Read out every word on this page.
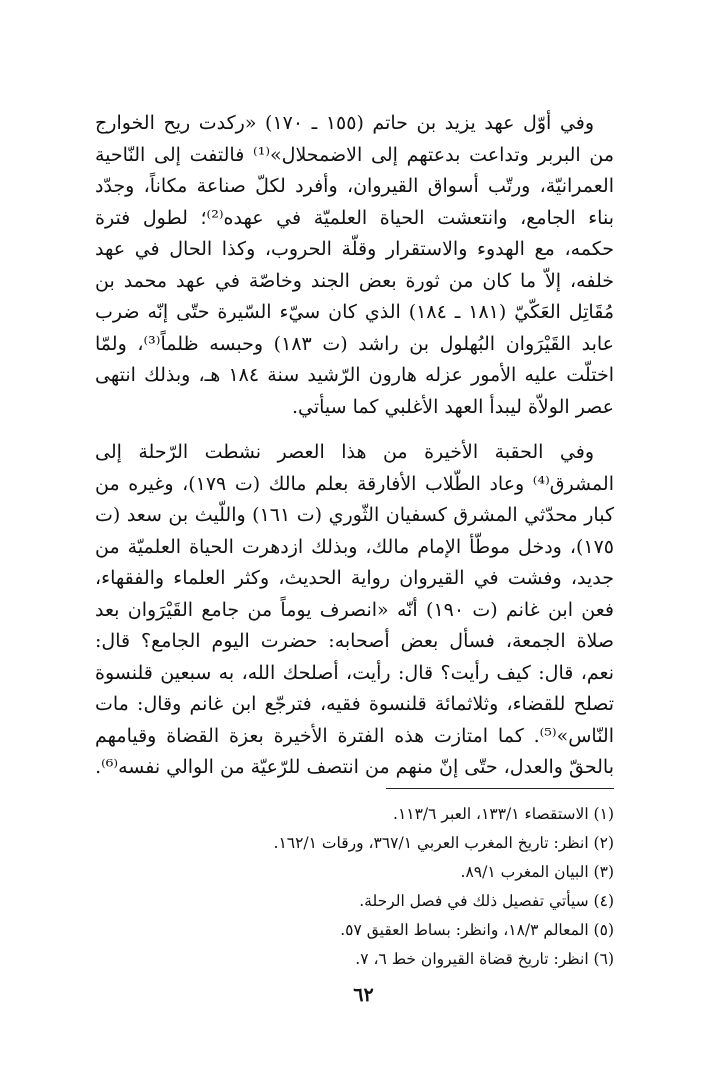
وفي أوّل عهد يزيد بن حاتم (١٥٥ ـ ١٧٠) «ركدت ريح الخوارج من البربر وتداعت بدعتهم إلى الاضمحلال»⁽¹⁾ فالتفت إلى النّاحية العمرانيّة، ورتّب أسواق القيروان، وأفرد لكلّ صناعة مكاناً، وجدّد بناء الجامع، وانتعشت الحياة العلميّة في عهده⁽²⁾؛ لطول فترة حكمه، مع الهدوء والاستقرار وقلّة الحروب، وكذا الحال في عهد خلفه، إلاّ ما كان من ثورة بعض الجند وخاصّة في عهد محمد بن مُقَاتِل العَكّيّ (١٨١ ـ ١٨٤) الذي كان سيّء السّيرة حتّى إنّه ضرب عابد القَيْرَوان البُهلول بن راشد (ت ١٨٣) وحبسه ظلماً⁽³⁾، ولمّا اختلّت عليه الأمور عزله هارون الرّشيد سنة ١٨٤ هـ، وبذلك انتهى عصر الولاّة ليبدأ العهد الأغلبي كما سيأتي.

وفي الحقبة الأخيرة من هذا العصر نشطت الرّحلة إلى المشرق⁽⁴⁾ وعاد الطّلاب الأفارقة بعلم مالك (ت ١٧٩)، وغيره من كبار محدّثي المشرق كسفيان الثّوري (ت ١٦١) واللّيث بن سعد (ت ١٧٥)، ودخل موطّأ الإمام مالك، وبذلك ازدهرت الحياة العلميّة من جديد، وفشت في القيروان رواية الحديث، وكثر العلماء والفقهاء، فعن ابن غانم (ت ١٩٠) أنّه «انصرف يوماً من جامع القَيْرَوان بعد صلاة الجمعة، فسأل بعض أصحابه: حضرت اليوم الجامع؟ قال: نعم، قال: كيف رأيت؟ قال: رأيت، أصلحك الله، به سبعين قلنسوة تصلح للقضاء، وثلاثمائة قلنسوة فقيه، فترجّع ابن غانم وقال: مات النّاس»⁽⁵⁾. كما امتازت هذه الفترة الأخيرة بعزة القضاة وقيامهم بالحقّ والعدل، حتّى إنّ منهم من انتصف للرّعيّة من الوالي نفسه⁽⁶⁾.

(١) الاستقصاء ١٣٣/١، العبر ١١٣/٦.
(٢) انظر: تاريخ المغرب العربي ٣٦٧/١، ورقات ١٦٢/١.
(٣) البيان المغرب ٨٩/١.
(٤) سيأتي تفصيل ذلك في فصل الرحلة.
(٥) المعالم ١٨/٣، وانظر: بساط العقيق ٥٧.
(٦) انظر: تاريخ قضاة القيروان خط ٦، ٧.
٦٢
